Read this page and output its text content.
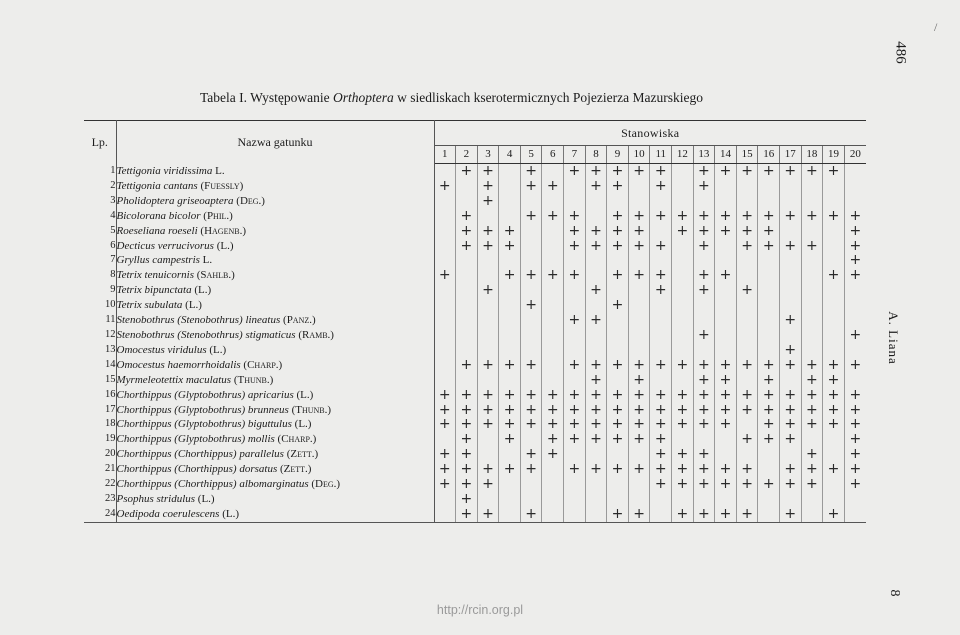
/
486
A. Liana
8
Tabela I. Występowanie Orthoptera w siedliskach kserotermicznych Pojezierza Mazurskiego
Lp.	Nazwa gatunku	Stanowiska																			
		1	2	3	4	5	6	7	8	9	10	11	12	13	14	15	16	17	18	19	20
1	Tettigonia viridissima L.		+	+		+		+	+	+	+	+		+	+	+	+	+	+	+	
2	Tettigonia cantans (Fuessly)	+		+		+	+		+	+		+		+							
3	Pholidoptera griseoaptera (Deg.)			+																	
4	Bicolorana bicolor (Phil.)		+			+	+	+		+	+	+	+	+	+	+	+	+	+	+	+
5	Roeseliana roeseli (Hagenb.)		+	+	+			+	+	+	+		+	+	+	+	+				+
6	Decticus verrucivorus (L.)		+	+	+			+	+	+	+	+		+		+	+	+	+		+
7	Gryllus campestris L.																				+
8	Tetrix tenuicornis (Sahlb.)	+			+	+	+	+		+	+	+		+	+					+	+
9	Tetrix bipunctata (L.)			+					+			+		+		+					
10	Tetrix subulata (L.)					+				+											
11	Stenobothrus (Stenobothrus) lineatus (Panz.)							+	+									+			
12	Stenobothrus (Stenobothrus) stigmaticus (Ramb.)													+							+
13	Omocestus viridulus (L.)																	+			
14	Omocestus haemorrhoidalis (Charp.)		+	+	+	+		+	+	+	+	+	+	+	+	+	+	+	+	+	+
15	Myrmeleotettix maculatus (Thunb.)								+		+			+	+		+		+	+	
16	Chorthippus (Glyptobothrus) apricarius (L.)	+	+	+	+	+	+	+	+	+	+	+	+	+	+	+	+	+	+	+	+
17	Chorthippus (Glyptobothrus) brunneus (Thunb.)	+	+	+	+	+	+	+	+	+	+	+	+	+	+	+	+	+	+	+	+
18	Chorthippus (Glyptobothrus) biguttulus (L.)	+	+	+	+	+	+	+	+	+	+	+	+	+	+		+	+	+	+	+
19	Chorthippus (Glyptobothrus) mollis (Charp.)		+		+		+	+	+	+	+	+				+	+	+			+
20	Chorthippus (Chorthippus) parallelus (Zett.)	+	+			+	+					+	+	+					+		+
21	Chorthippus (Chorthippus) dorsatus (Zett.)	+	+	+	+	+		+	+	+	+	+	+	+	+	+		+	+	+	+
22	Chorthippus (Chorthippus) albomarginatus (Deg.)	+	+	+								+	+	+	+	+	+	+	+		+
23	Psophus stridulus (L.)		+																		
24	Oedipoda coerulescens (L.)		+	+		+				+	+		+	+	+	+		+		+	
http://rcin.org.pl
